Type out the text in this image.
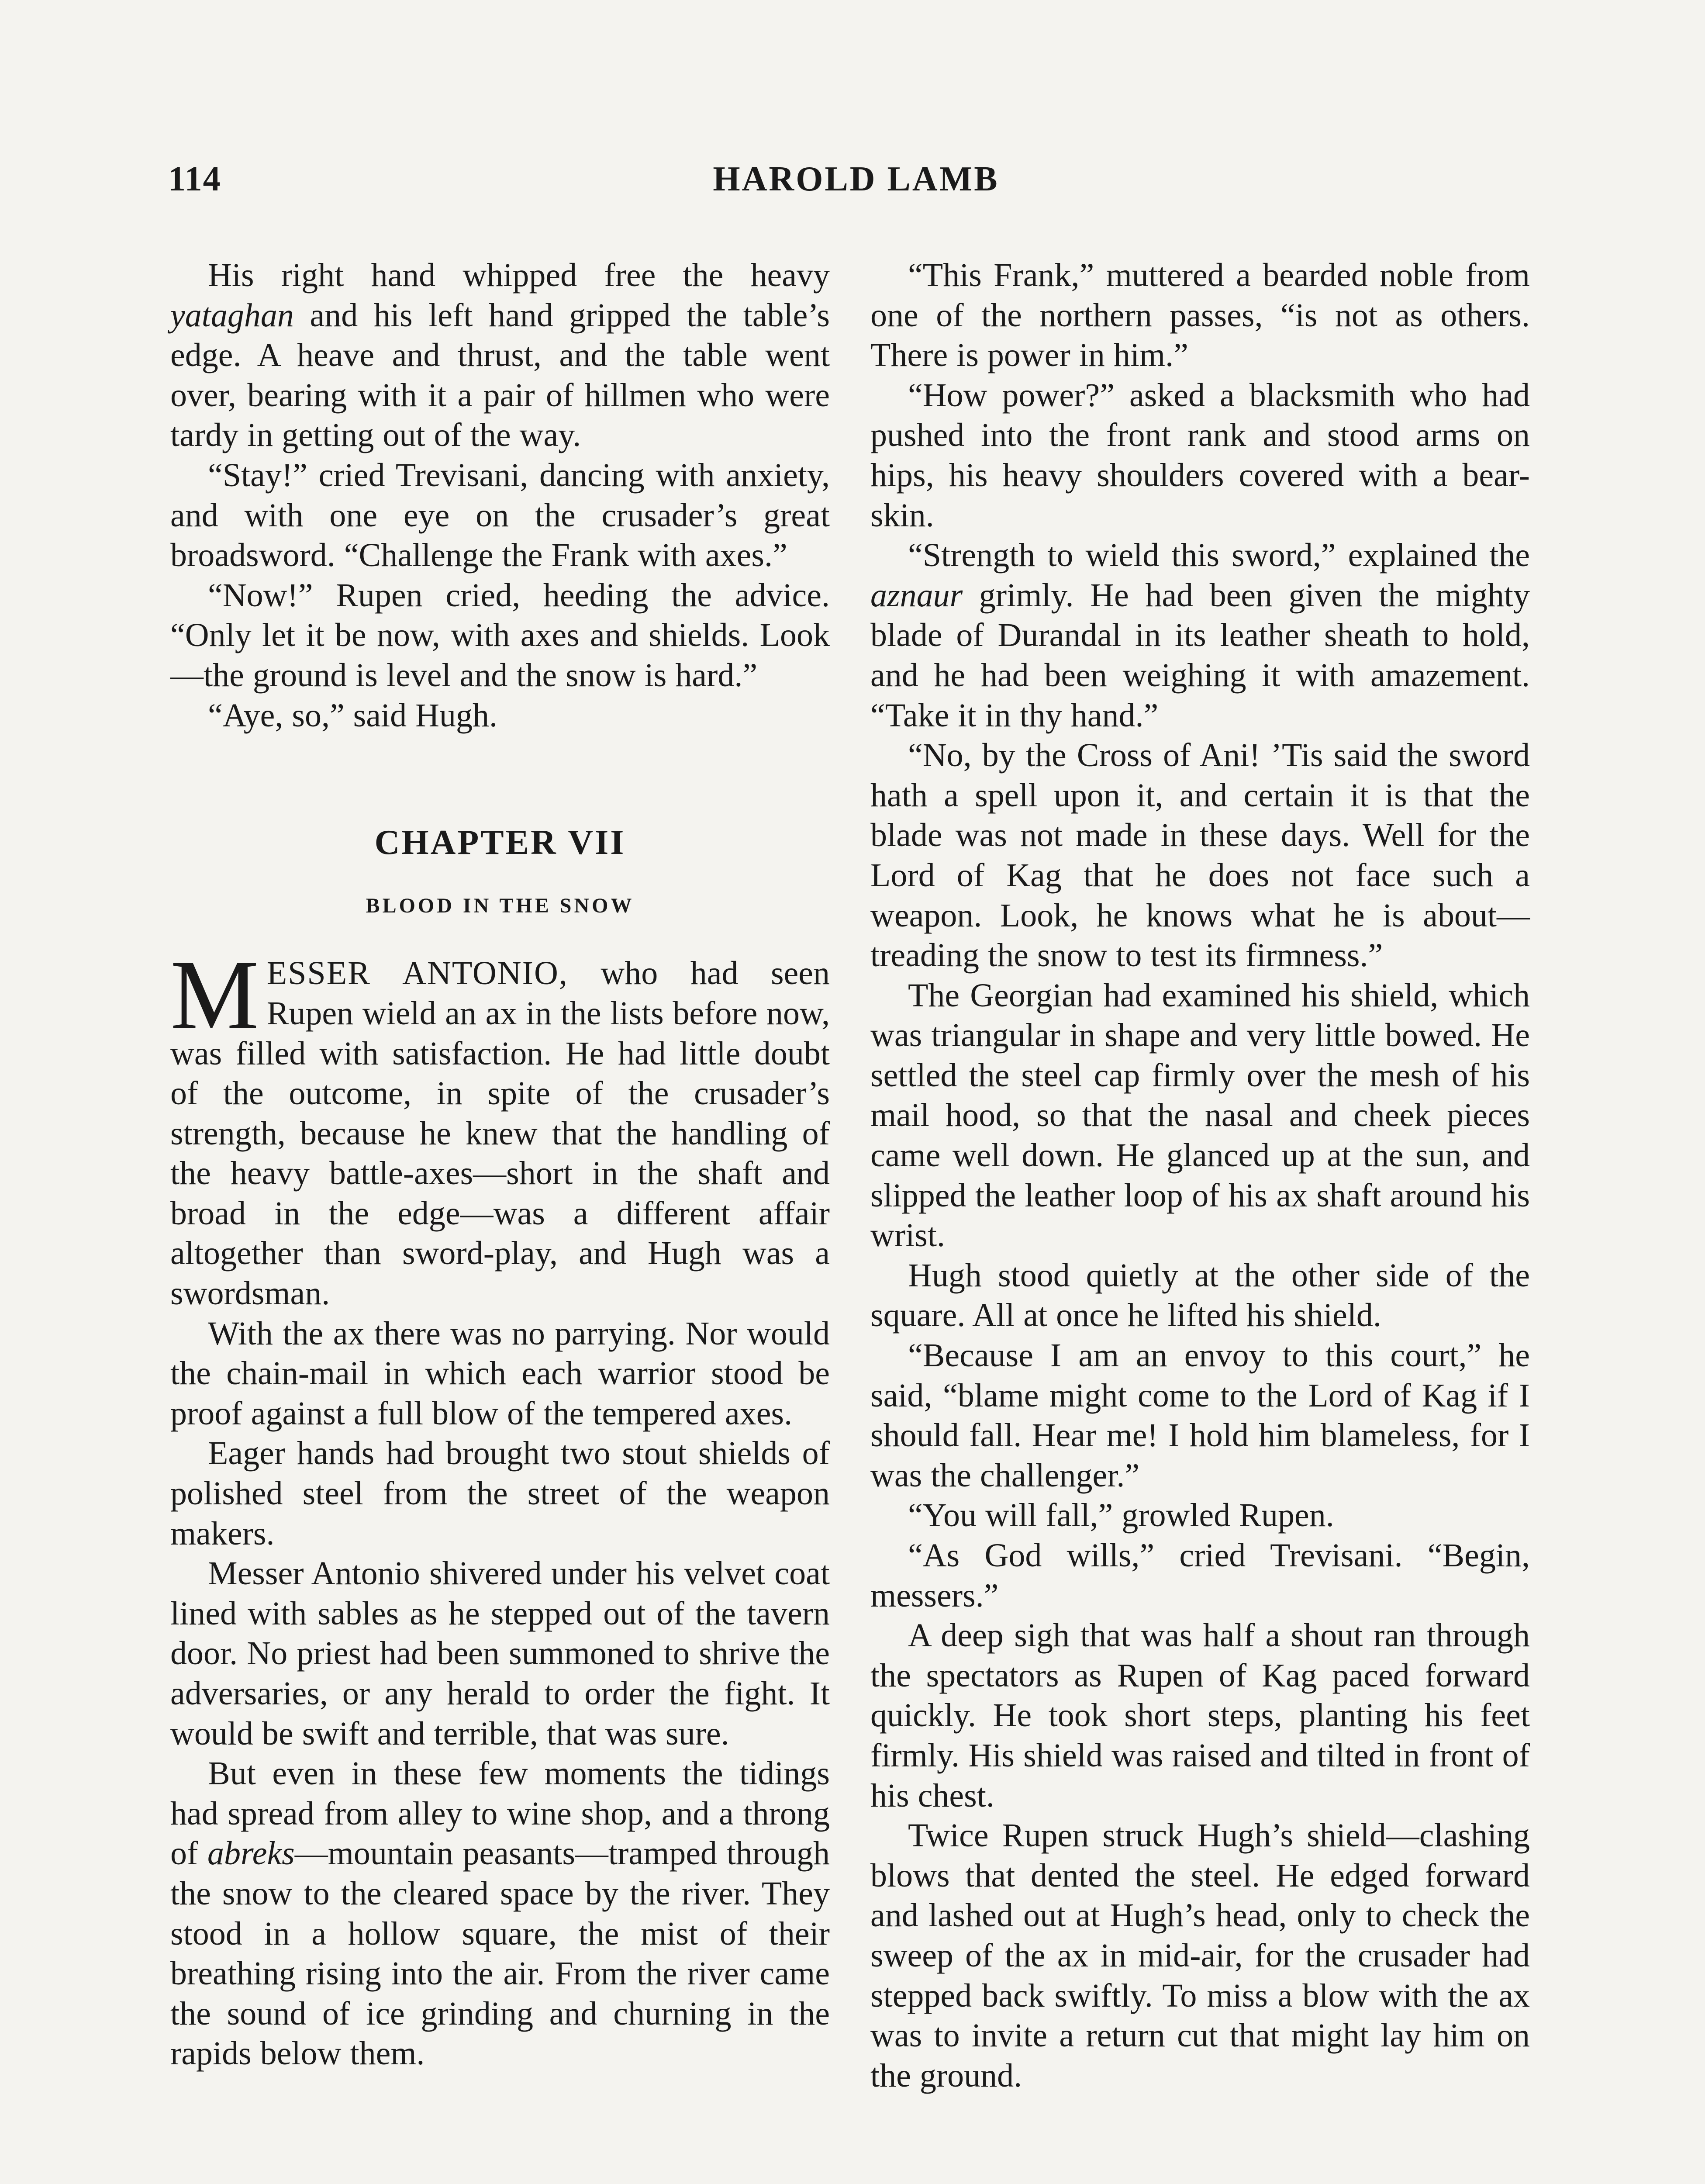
114	HAROLD LAMB

His right hand whipped free the heavy yataghan and his left hand gripped the table’s edge. A heave and thrust, and the table went over, bearing with it a pair of hillmen who were tardy in getting out of the way.

“Stay!” cried Trevisani, dancing with anxiety, and with one eye on the crusader’s great broadsword. “Challenge the Frank with axes.”

“Now!” Rupen cried, heeding the advice. “Only let it be now, with axes and shields. Look—the ground is level and the snow is hard.”

“Aye, so,” said Hugh.

CHAPTER VII
BLOOD IN THE SNOW

MESSER ANTONIO, who had seen Rupen wield an ax in the lists before now, was filled with satisfaction. He had little doubt of the outcome, in spite of the crusader’s strength, because he knew that the handling of the heavy battle-axes—short in the shaft and broad in the edge—was a different affair altogether than sword-play, and Hugh was a swordsman.

With the ax there was no parrying. Nor would the chain-mail in which each warrior stood be proof against a full blow of the tempered axes.

Eager hands had brought two stout shields of polished steel from the street of the weapon makers.

Messer Antonio shivered under his velvet coat lined with sables as he stepped out of the tavern door. No priest had been summoned to shrive the adversaries, or any herald to order the fight. It would be swift and terrible, that was sure.

But even in these few moments the tidings had spread from alley to wine shop, and a throng of abreks—mountain peasants—tramped through the snow to the cleared space by the river. They stood in a hollow square, the mist of their breathing rising into the air. From the river came the sound of ice grinding and churning in the rapids below them.

“This Frank,” muttered a bearded noble from one of the northern passes, “is not as others. There is power in him.”

“How power?” asked a blacksmith who had pushed into the front rank and stood arms on hips, his heavy shoulders covered with a bear-skin.

“Strength to wield this sword,” explained the aznaur grimly. He had been given the mighty blade of Durandal in its leather sheath to hold, and he had been weighing it with amazement. “Take it in thy hand.”

“No, by the Cross of Ani! ’Tis said the sword hath a spell upon it, and certain it is that the blade was not made in these days. Well for the Lord of Kag that he does not face such a weapon. Look, he knows what he is about—treading the snow to test its firmness.”

The Georgian had examined his shield, which was triangular in shape and very little bowed. He settled the steel cap firmly over the mesh of his mail hood, so that the nasal and cheek pieces came well down. He glanced up at the sun, and slipped the leather loop of his ax shaft around his wrist.

Hugh stood quietly at the other side of the square. All at once he lifted his shield.

“Because I am an envoy to this court,” he said, “blame might come to the Lord of Kag if I should fall. Hear me! I hold him blameless, for I was the challenger.”

“You will fall,” growled Rupen.

“As God wills,” cried Trevisani. “Begin, messers.”

A deep sigh that was half a shout ran through the spectators as Rupen of Kag paced forward quickly. He took short steps, planting his feet firmly. His shield was raised and tilted in front of his chest.

Twice Rupen struck Hugh’s shield—clashing blows that dented the steel. He edged forward and lashed out at Hugh’s head, only to check the sweep of the ax in mid-air, for the crusader had stepped back swiftly. To miss a blow with the ax was to invite a return cut that might lay him on the ground.
